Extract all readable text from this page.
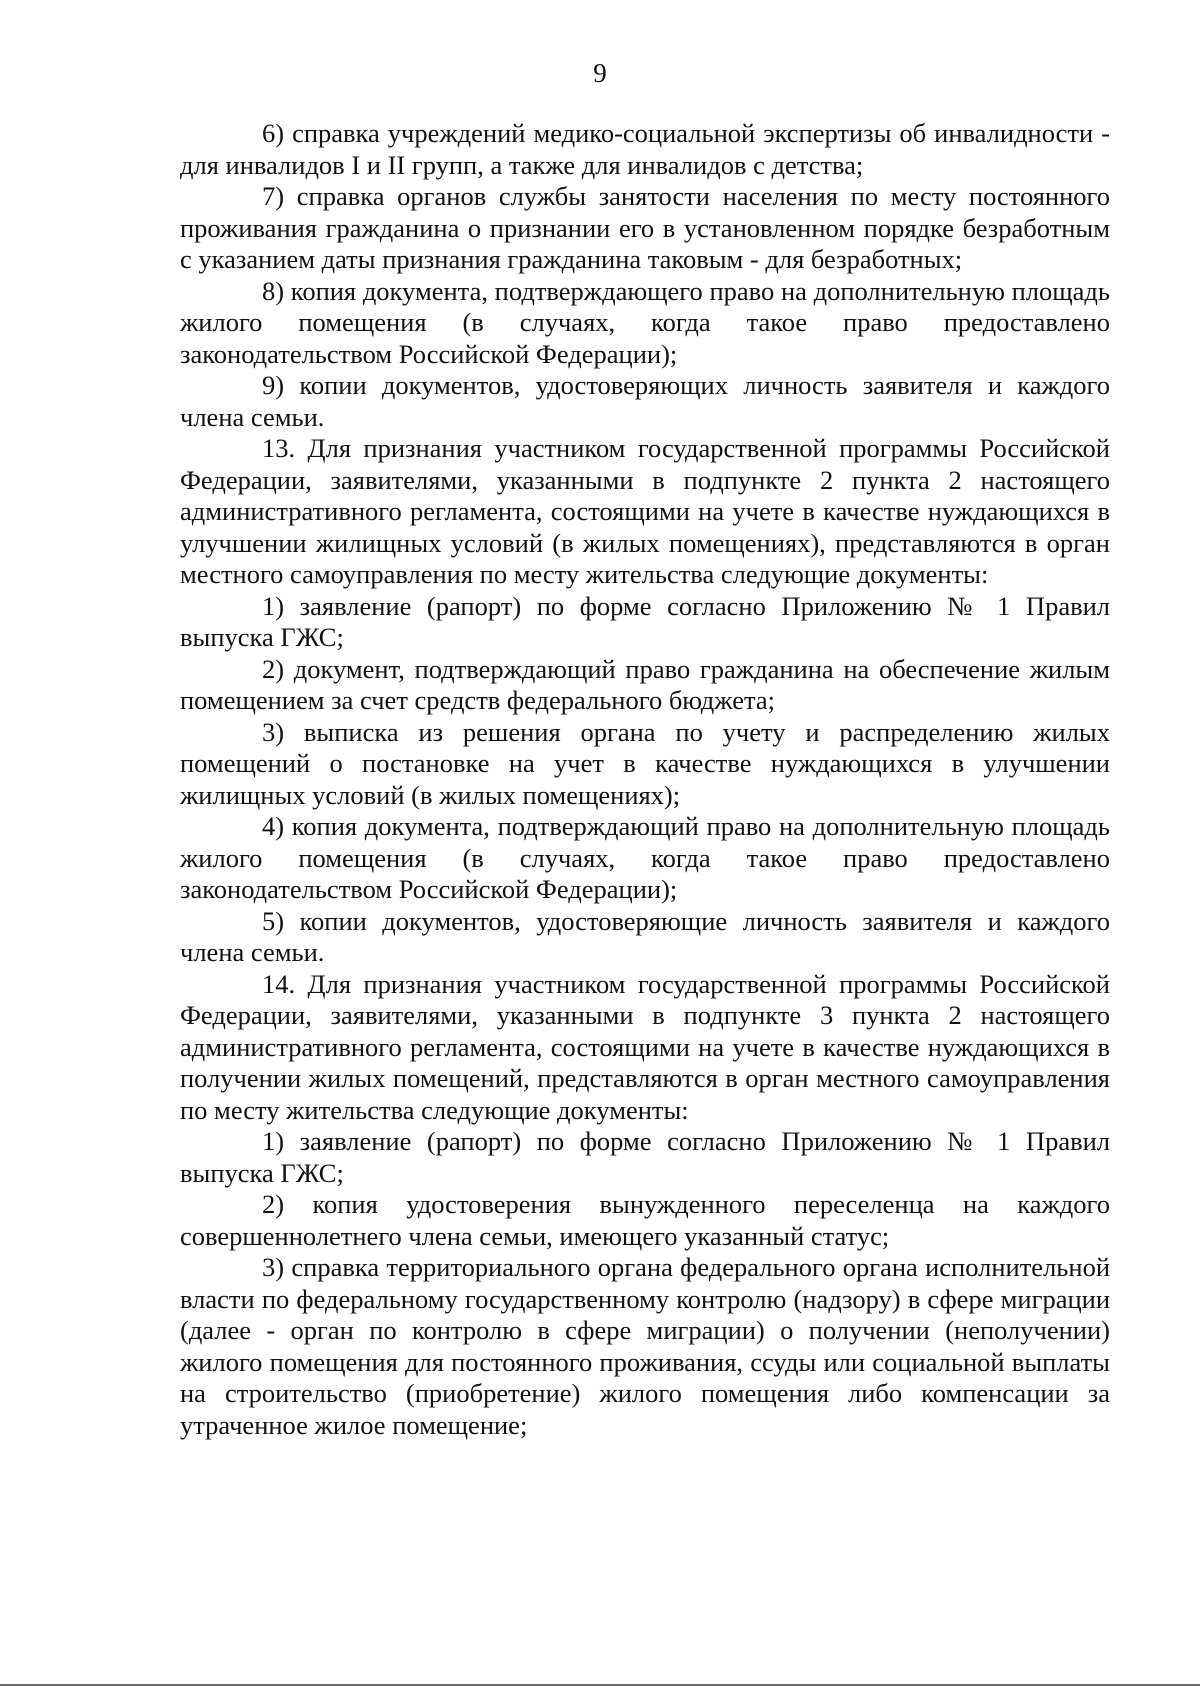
9

6) справка учреждений медико-социальной экспертизы об инвалидности - для инвалидов I и II групп, а также для инвалидов с детства;

7) справка органов службы занятости населения по месту постоянного проживания гражданина о признании его в установленном порядке безработным с указанием даты признания гражданина таковым - для безработных;

8) копия документа, подтверждающего право на дополнительную площадь жилого помещения (в случаях, когда такое право предоставлено законодательством Российской Федерации);

9) копии документов, удостоверяющих личность заявителя и каждого члена семьи.

13. Для признания участником государственной программы Российской Федерации, заявителями, указанными в подпункте 2 пункта 2 настоящего административного регламента, состоящими на учете в качестве нуждающихся в улучшении жилищных условий (в жилых помещениях), представляются в орган местного самоуправления по месту жительства следующие документы:

1) заявление (рапорт) по форме согласно Приложению № 1 Правил выпуска ГЖС;

2) документ, подтверждающий право гражданина на обеспечение жилым помещением за счет средств федерального бюджета;

3) выписка из решения органа по учету и распределению жилых помещений о постановке на учет в качестве нуждающихся в улучшении жилищных условий (в жилых помещениях);

4) копия документа, подтверждающий право на дополнительную площадь жилого помещения (в случаях, когда такое право предоставлено законодательством Российской Федерации);

5) копии документов, удостоверяющие личность заявителя и каждого члена семьи.

14. Для признания участником государственной программы Российской Федерации, заявителями, указанными в подпункте 3 пункта 2 настоящего административного регламента, состоящими на учете в качестве нуждающихся в получении жилых помещений, представляются в орган местного самоуправления по месту жительства следующие документы:

1) заявление (рапорт) по форме согласно Приложению № 1 Правил выпуска ГЖС;

2) копия удостоверения вынужденного переселенца на каждого совершеннолетнего члена семьи, имеющего указанный статус;

3) справка территориального органа федерального органа исполнительной власти по федеральному государственному контролю (надзору) в сфере миграции (далее - орган по контролю в сфере миграции) о получении (неполучении) жилого помещения для постоянного проживания, ссуды или социальной выплаты на строительство (приобретение) жилого помещения либо компенсации за утраченное жилое помещение;
